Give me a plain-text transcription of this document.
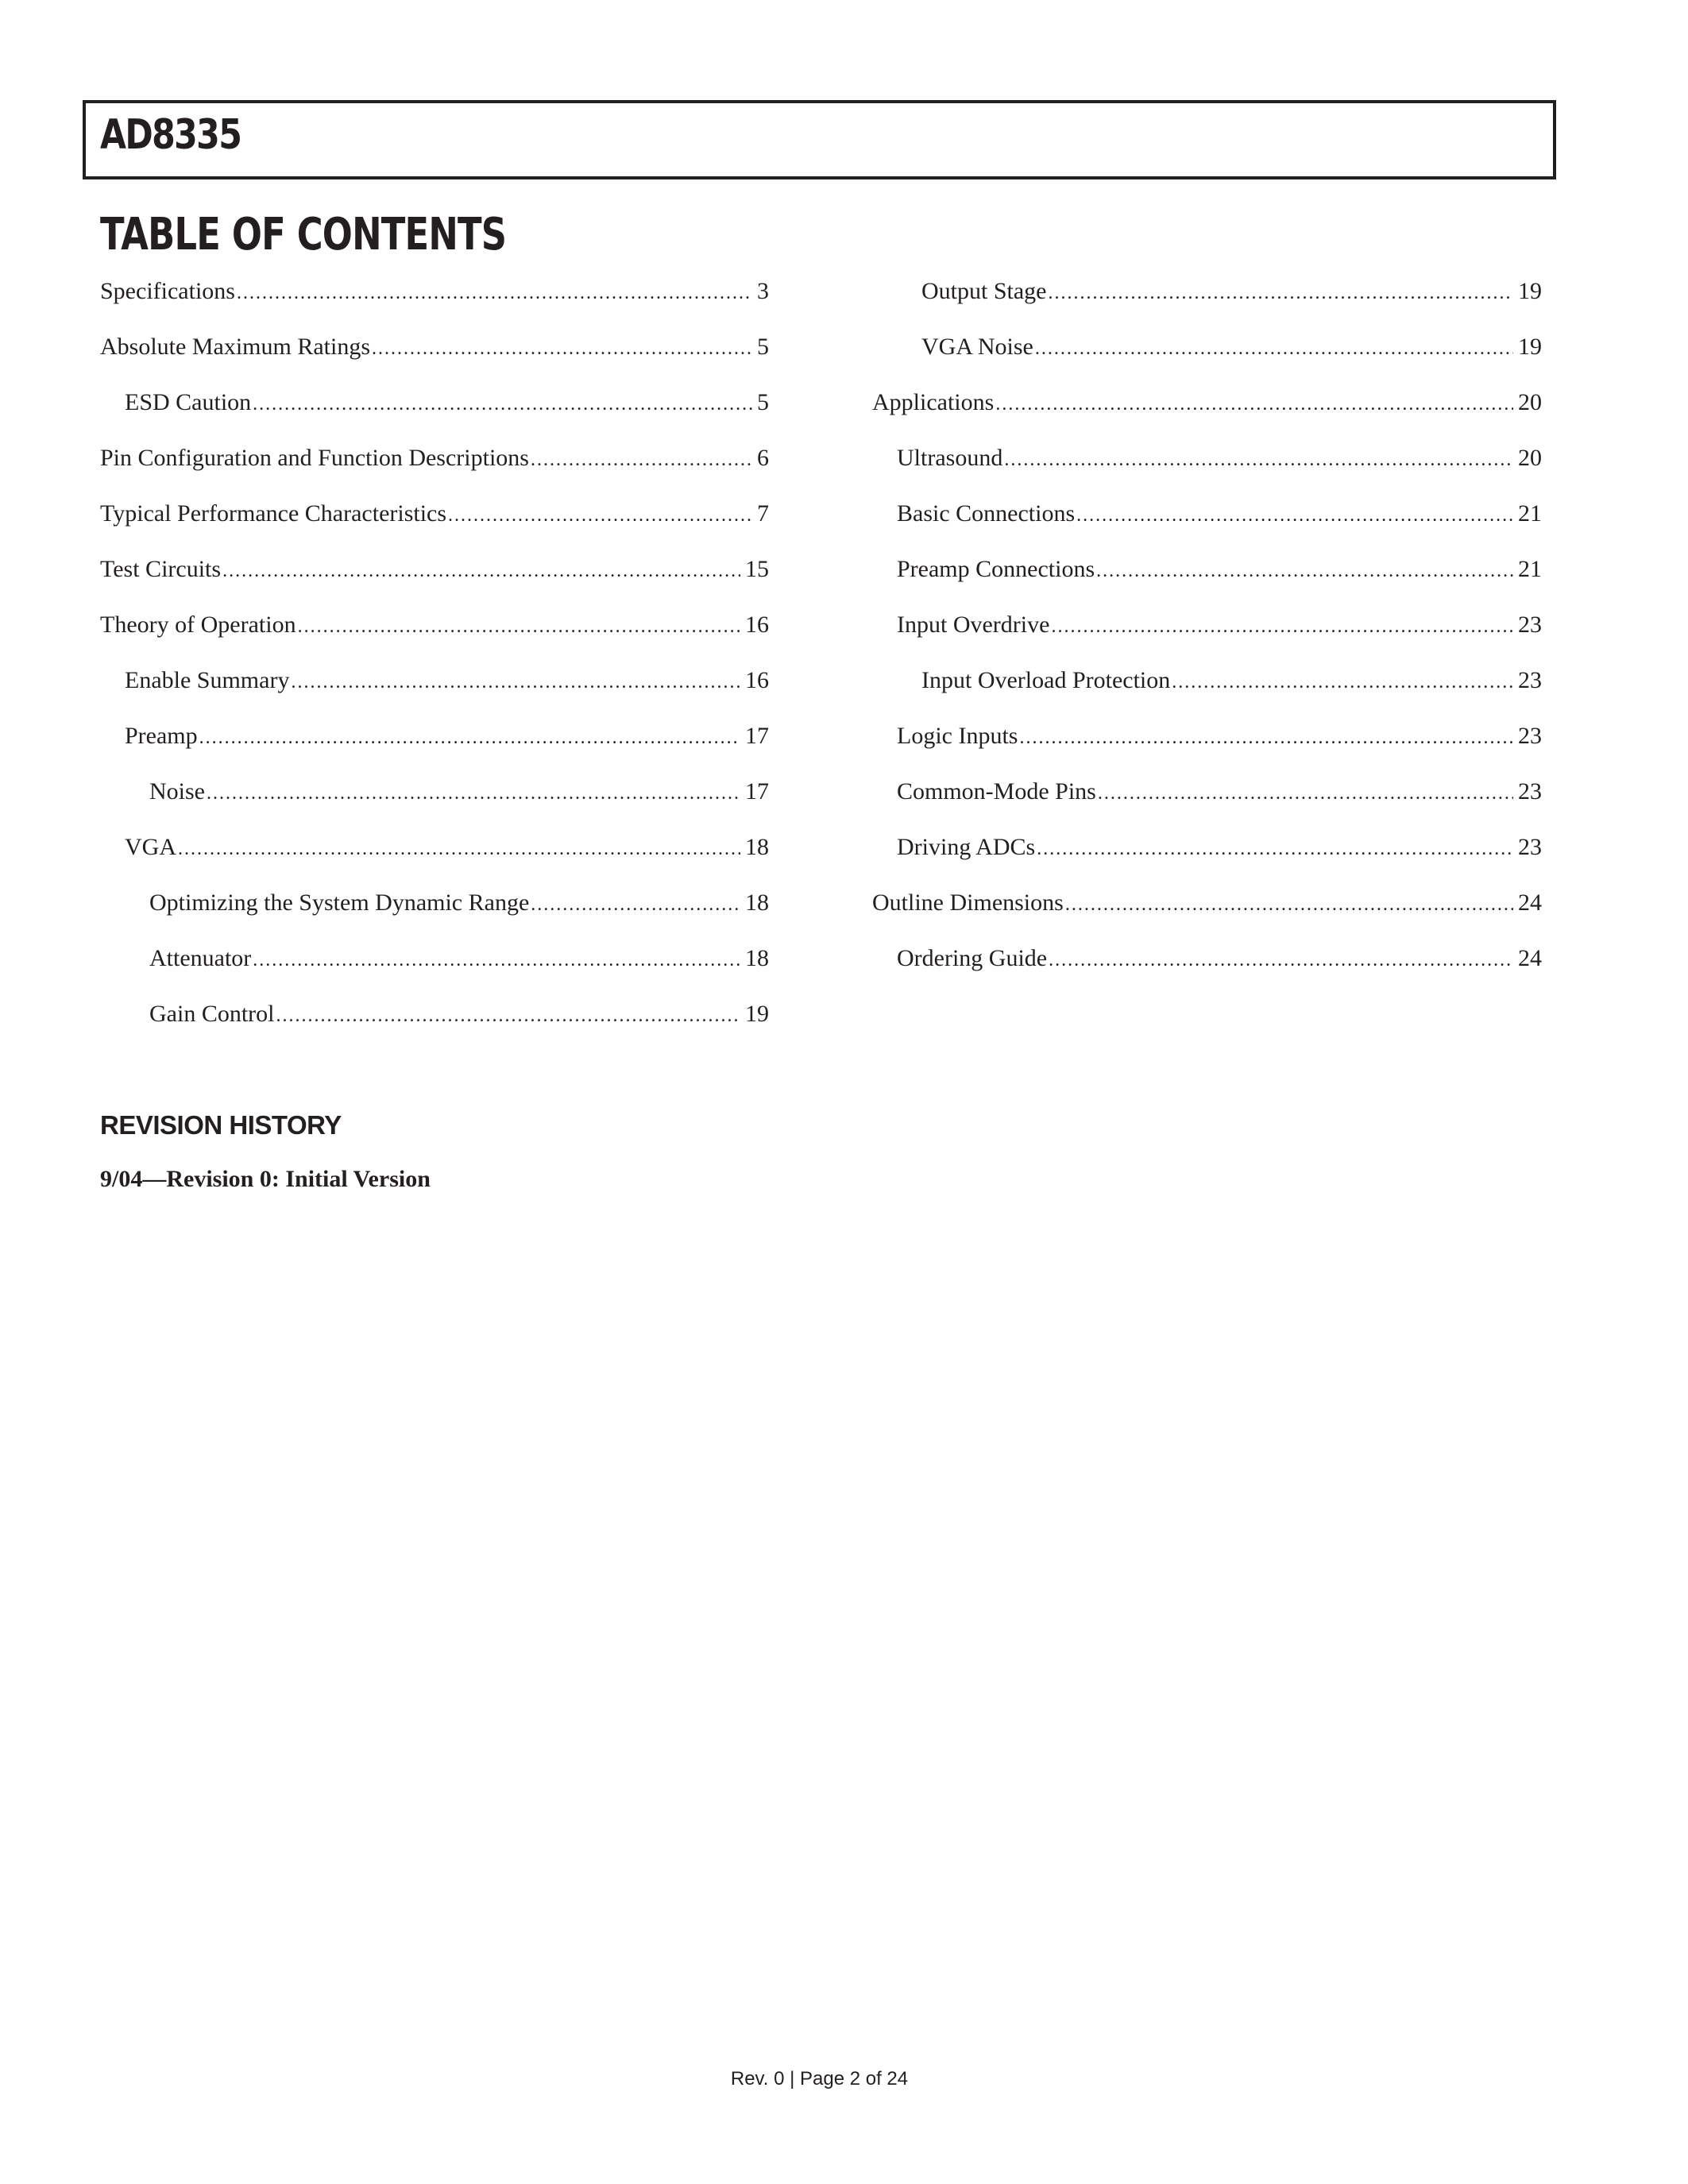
AD8335
TABLE OF CONTENTS
Specifications .....	3
Absolute Maximum Ratings .....	5
ESD Caution .....	5
Pin Configuration and Function Descriptions .....	6
Typical Performance Characteristics .....	7
Test Circuits .....	15
Theory of Operation .....	16
Enable Summary .....	16
Preamp .....	17
Noise .....	17
VGA .....	18
Optimizing the System Dynamic Range .....	18
Attenuator .....	18
Gain Control .....	19
Output Stage .....	19
VGA Noise .....	19
Applications .....	20
Ultrasound .....	20
Basic Connections .....	21
Preamp Connections .....	21
Input Overdrive .....	23
Input Overload Protection .....	23
Logic Inputs .....	23
Common-Mode Pins .....	23
Driving ADCs .....	23
Outline Dimensions .....	24
Ordering Guide .....	24
REVISION HISTORY

9/04—Revision 0: Initial Version

Rev. 0 | Page 2 of 24
